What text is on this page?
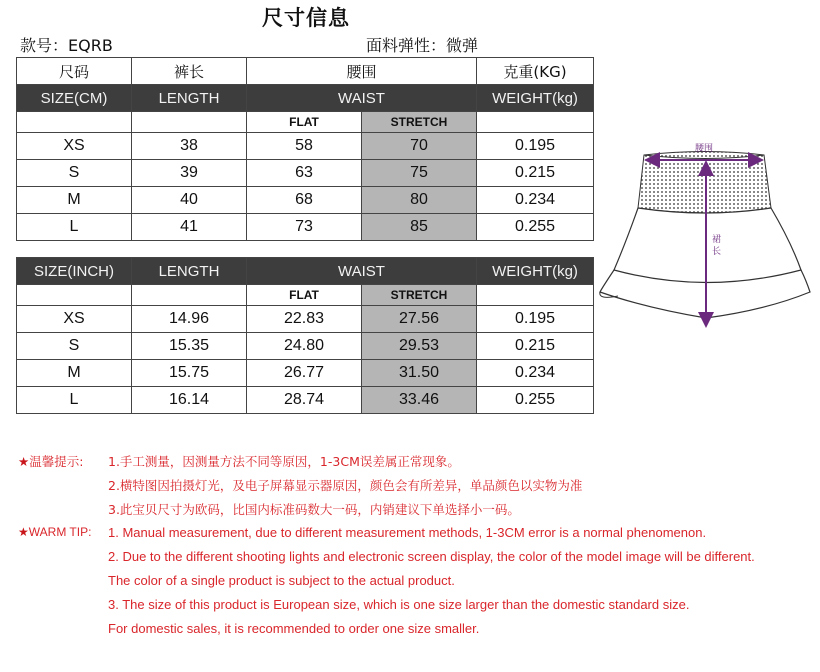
尺寸信息
款号：EQRB	面料弹性：微弹
尺码	裤长	腰围		克重(KG)
SIZE(CM)	LENGTH	WAIST		WEIGHT(kg)
		FLAT	STRETCH	
XS	38	58	70	0.195
S	39	63	75	0.215
M	40	68	80	0.234
L	41	73	85	0.255
SIZE(INCH)	LENGTH	WAIST		WEIGHT(kg)
		FLAT	STRETCH	
XS	14.96	22.83	27.56	0.195
S	15.35	24.80	29.53	0.215
M	15.75	26.77	31.50	0.234
L	16.14	28.74	33.46	0.255
腰围
裙
长
★温馨提示: 1.手工测量，因测量方法不同等原因，1-3CM误差属正常现象。
2.横特图因拍摄灯光，及电子屏幕显示器原因，颜色会有所差异，单品颜色以实物为准
3.此宝贝尺寸为欧码，比国内标准码数大一码，内销建议下单选择小一码。
★WARM TIP: 1. Manual measurement, due to different measurement methods, 1-3CM error is a normal phenomenon.
2. Due to the different shooting lights and electronic screen display, the color of the model image will be different.
The color of a single product is subject to the actual product.
3. The size of this product is European size, which is one size larger than the domestic standard size.
For domestic sales, it is recommended to order one size smaller.
